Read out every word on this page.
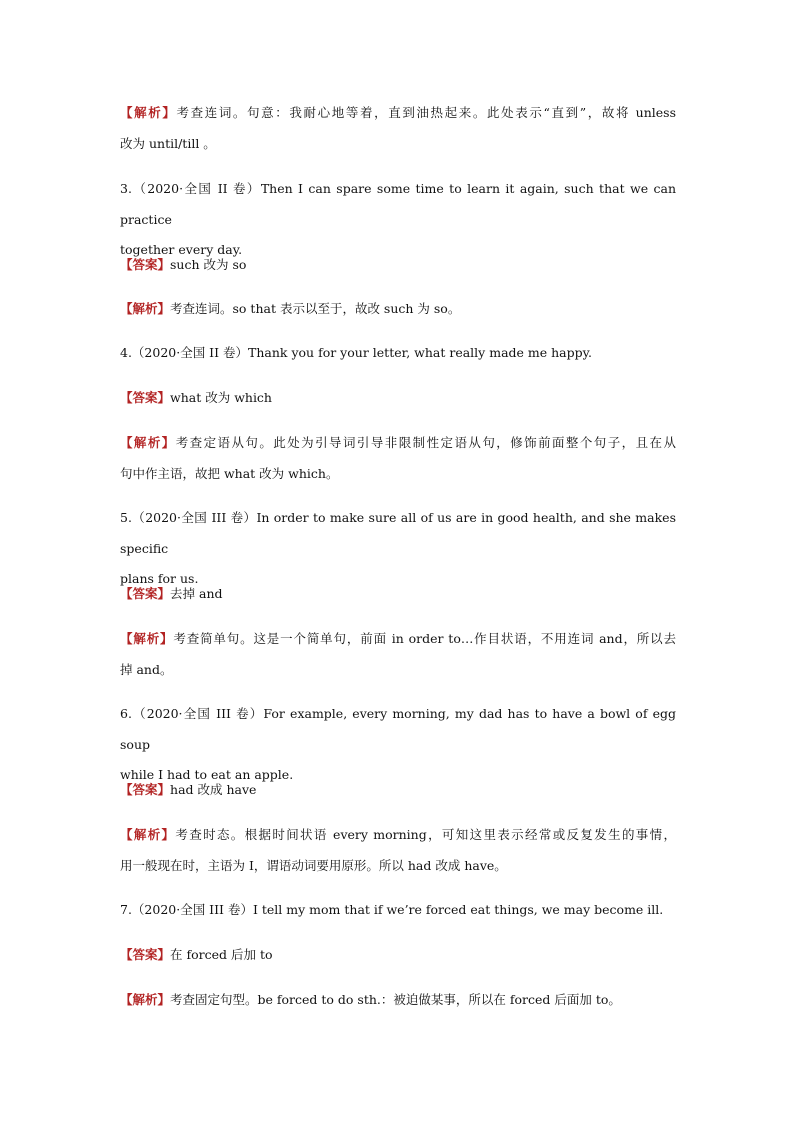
【解析】考查连词。句意：我耐心地等着，直到油热起来。此处表示“直到”，故将 unless
改为 until/till 。
3.（2020·全国 II 卷）Then I can spare some time to learn it again, such that we can practice
together every day.
【答案】such 改为 so
【解析】考查连词。so that 表示以至于，故改 such 为 so。
4.（2020·全国 II 卷）Thank you for your letter, what really made me happy.
【答案】what 改为 which
【解析】考查定语从句。此处为引导词引导非限制性定语从句，修饰前面整个句子，且在从
句中作主语，故把 what 改为 which。
5.（2020·全国 III 卷）In order to make sure all of us are in good health, and she makes specific
plans for us.
【答案】去掉 and
【解析】考查简单句。这是一个简单句，前面 in order to…作目状语，不用连词 and，所以去
掉 and。
6.（2020·全国 III 卷）For example, every morning, my dad has to have a bowl of egg soup
while I had to eat an apple.
【答案】had 改成 have
【解析】考查时态。根据时间状语 every morning，可知这里表示经常或反复发生的事情，
用一般现在时，主语为 I，谓语动词要用原形。所以 had 改成 have。
7.（2020·全国 III 卷）I tell my mom that if we’re forced eat things, we may become ill.
【答案】在 forced 后加 to
【解析】考查固定句型。be forced to do sth.：被迫做某事，所以在 forced 后面加 to。
